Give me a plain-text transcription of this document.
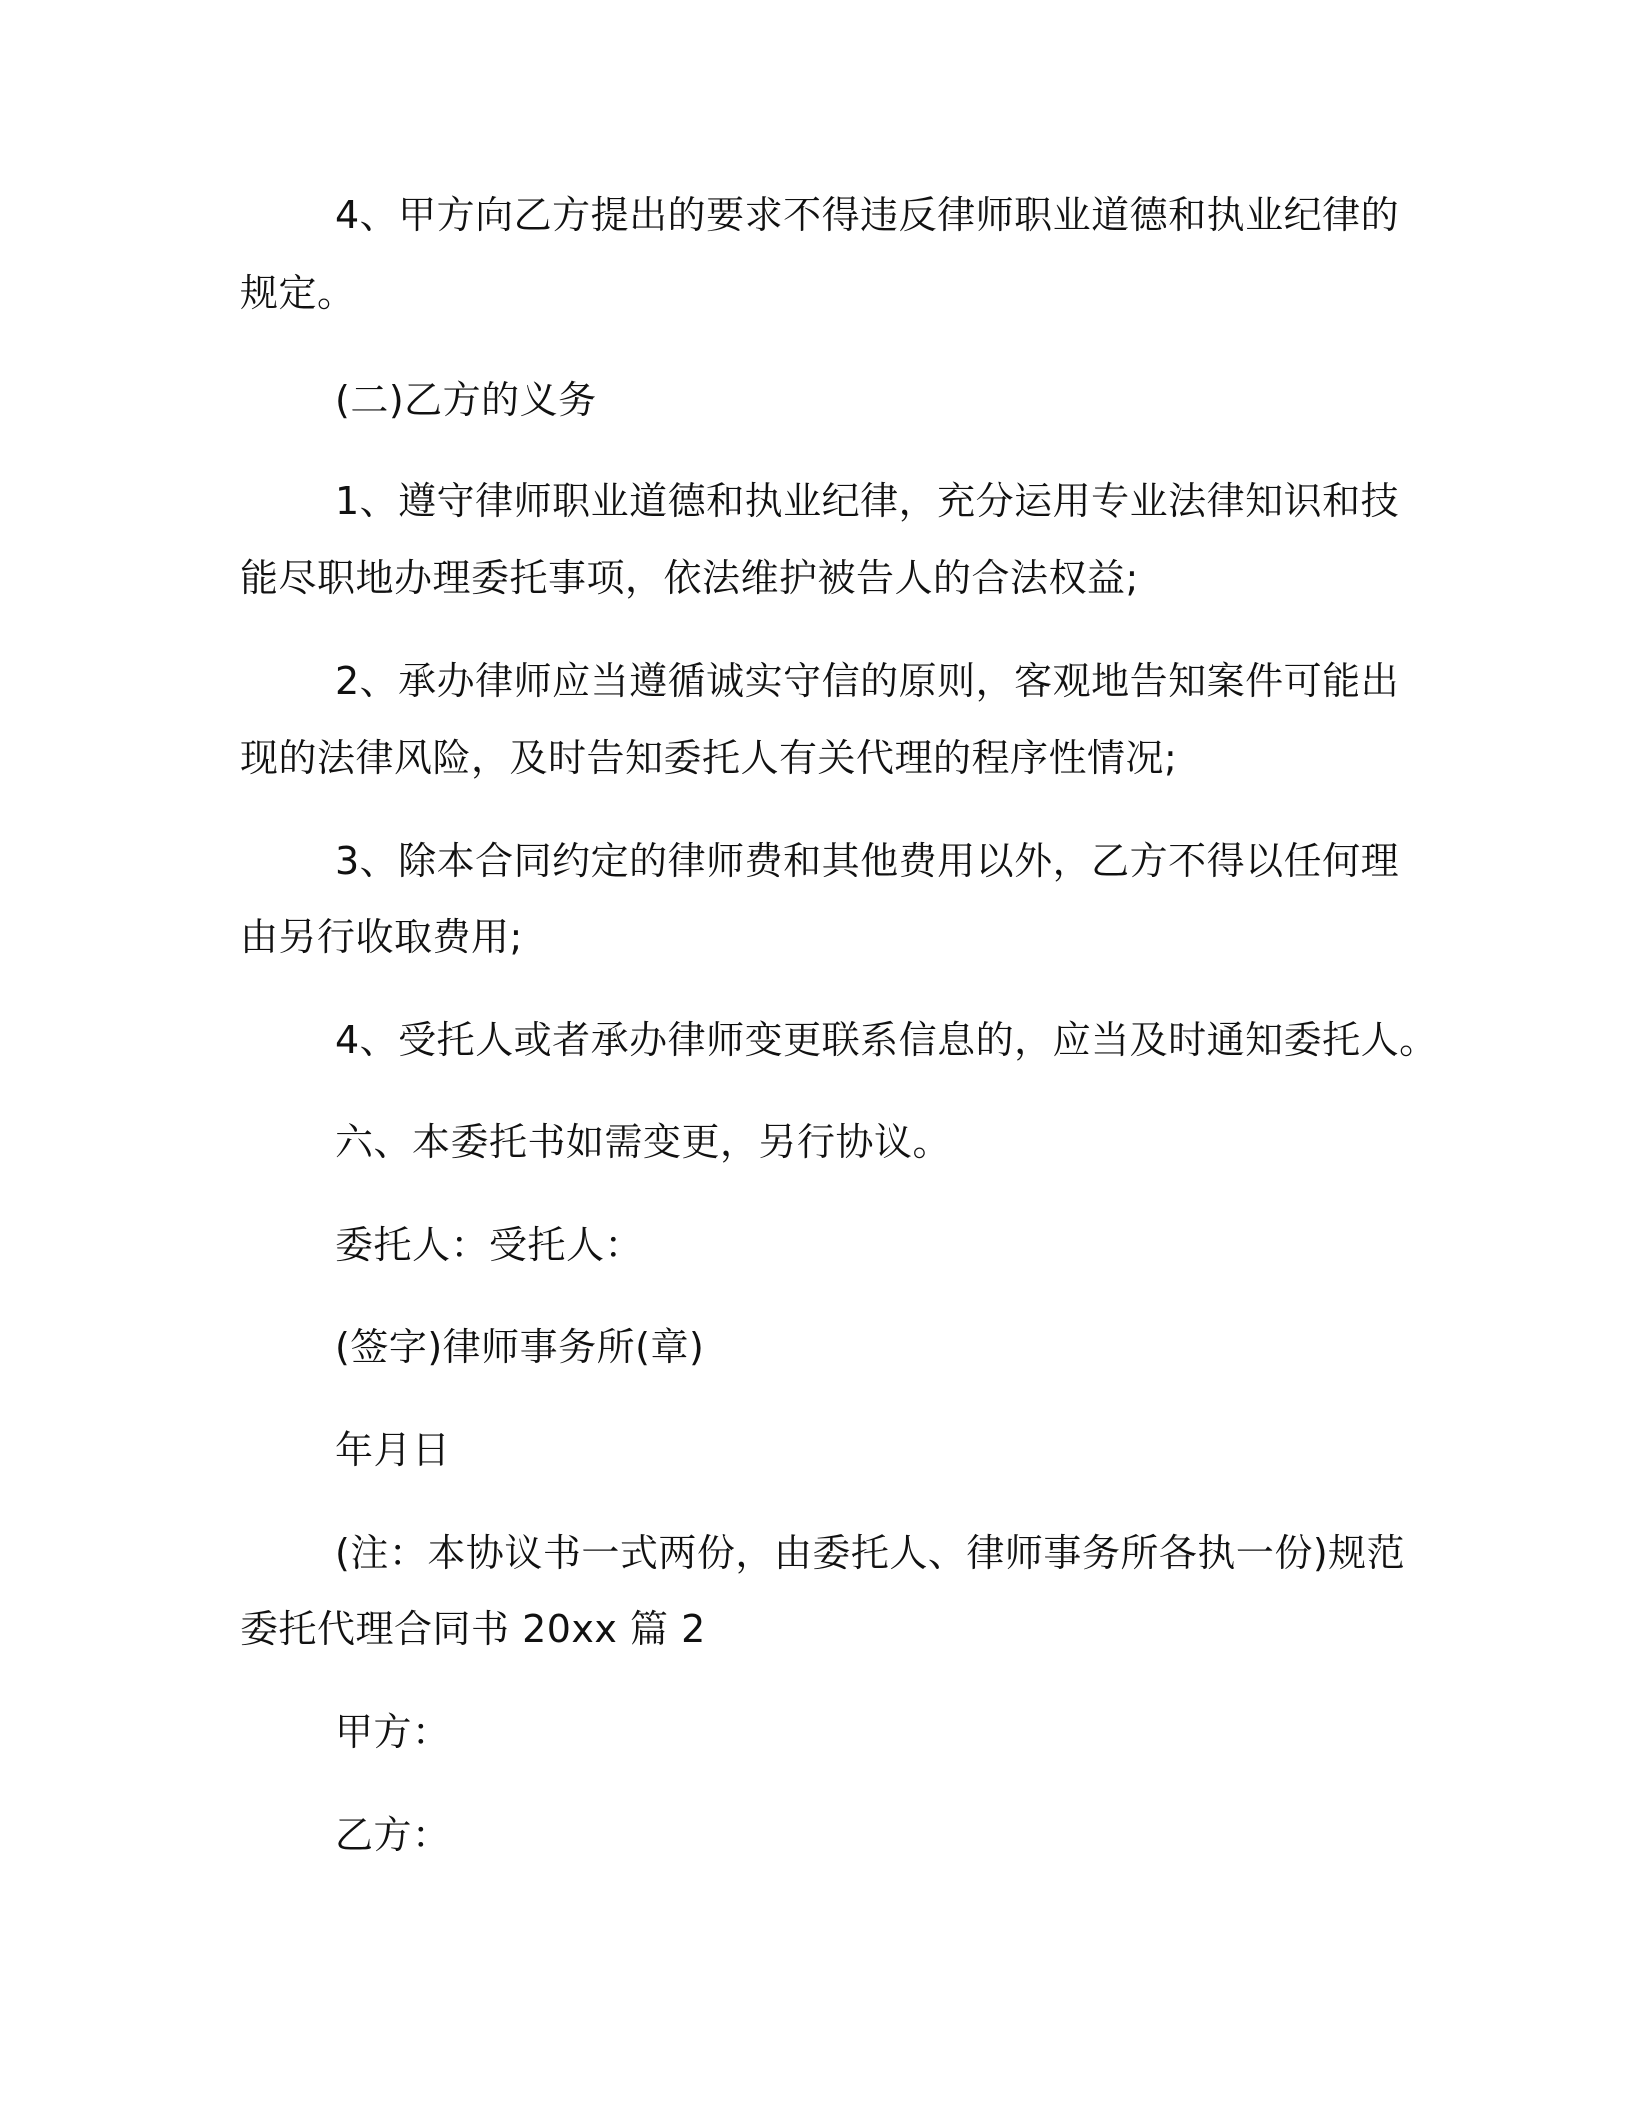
4、甲方向乙方提出的要求不得违反律师职业道德和执业纪律的
规定。
(二)乙方的义务
1、遵守律师职业道德和执业纪律，充分运用专业法律知识和技
能尽职地办理委托事项，依法维护被告人的合法权益;
2、承办律师应当遵循诚实守信的原则，客观地告知案件可能出
现的法律风险，及时告知委托人有关代理的程序性情况;
3、除本合同约定的律师费和其他费用以外，乙方不得以任何理
由另行收取费用;
4、受托人或者承办律师变更联系信息的，应当及时通知委托人。
六、本委托书如需变更，另行协议。
委托人：受托人：
(签字)律师事务所(章)
年月日
(注：本协议书一式两份，由委托人、律师事务所各执一份)规范
委托代理合同书 20xx 篇 2
甲方：
乙方：
